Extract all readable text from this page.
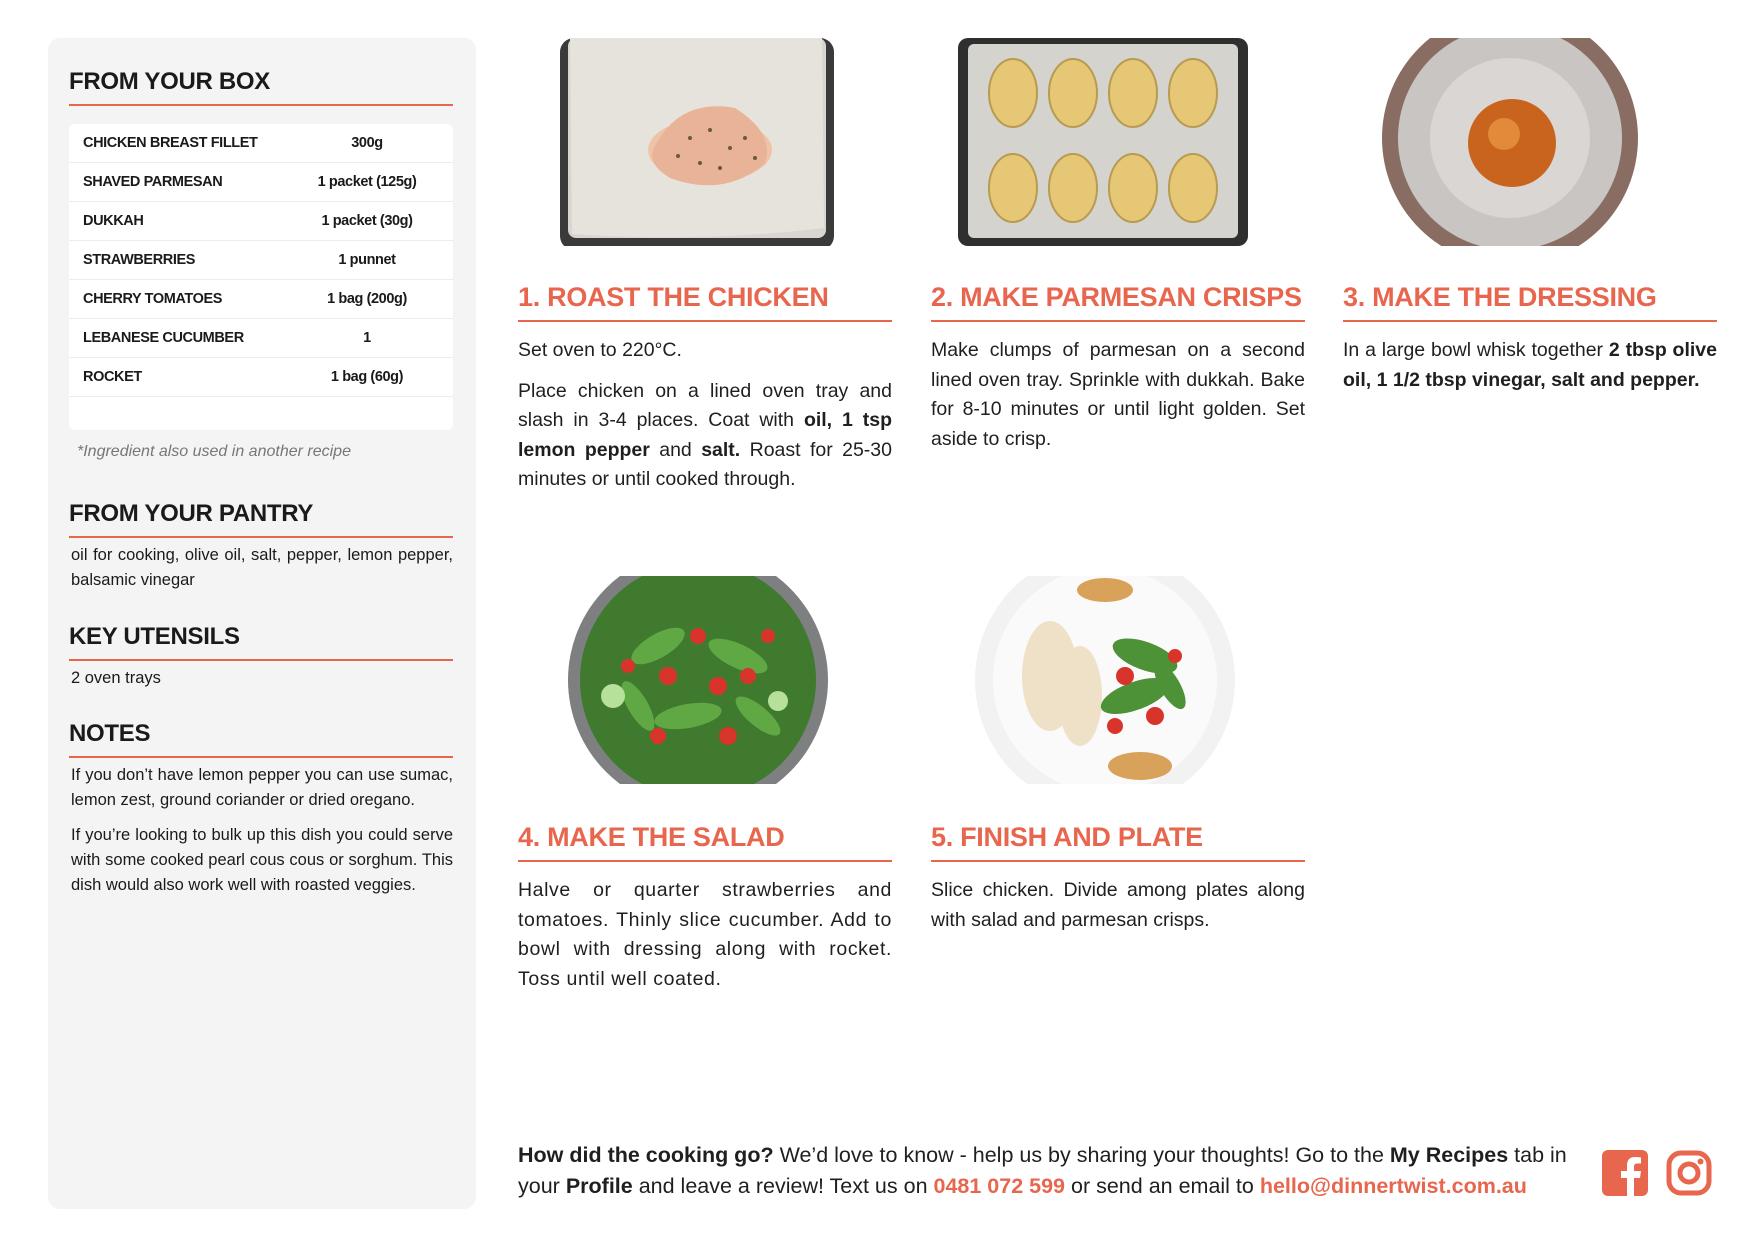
FROM YOUR BOX
CHICKEN BREAST FILLET	300g
SHAVED PARMESAN	1 packet (125g)
DUKKAH	1 packet (30g)
STRAWBERRIES	1 punnet
CHERRY TOMATOES	1 bag (200g)
LEBANESE CUCUMBER	1
ROCKET	1 bag (60g)
*Ingredient also used in another recipe
FROM YOUR PANTRY
oil for cooking, olive oil, salt, pepper, lemon pepper, balsamic vinegar
KEY UTENSILS
2 oven trays
NOTES

If you don’t have lemon pepper you can use sumac, lemon zest, ground coriander or dried oregano.

If you’re looking to bulk up this dish you could serve with some cooked pearl cous cous or sorghum. This dish would also work well with roasted veggies.

1. ROAST THE CHICKEN

Set oven to 220°C.

Place chicken on a lined oven tray and slash in 3-4 places. Coat with oil, 1 tsp lemon pepper and salt. Roast for 25-30 minutes or until cooked through.

2. MAKE PARMESAN CRISPS

Make clumps of parmesan on a second lined oven tray. Sprinkle with dukkah. Bake for 8-10 minutes or until light golden. Set aside to crisp.

3. MAKE THE DRESSING

In a large bowl whisk together 2 tbsp olive oil, 1 1/2 tbsp vinegar, salt and pepper.

4. MAKE THE SALAD

Halve or quarter strawberries and tomatoes. Thinly slice cucumber. Add to bowl with dressing along with rocket. Toss until well coated.

5. FINISH AND PLATE

Slice chicken. Divide among plates along with salad and parmesan crisps.

How did the cooking go? We’d love to know - help us by sharing your thoughts! Go to the My Recipes tab in your Profile and leave a review! Text us on 0481 072 599 or send an email to hello@dinnertwist.com.au
